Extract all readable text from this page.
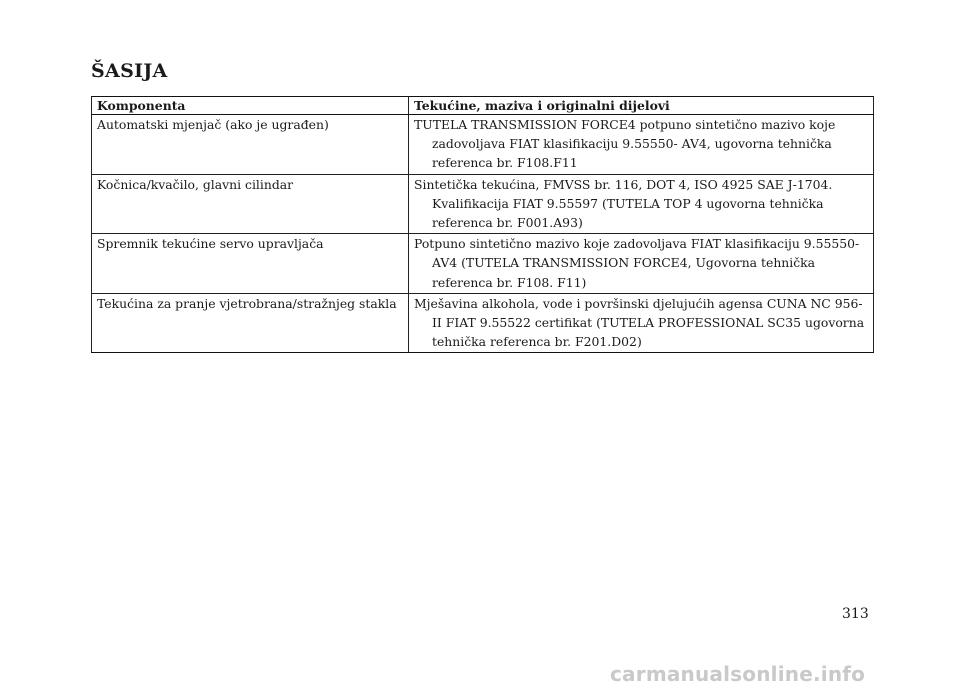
ŠASIJA
Komponenta	Tekućine, maziva i originalni dijelovi
Automatski mjenjač (ako je ugrađen)	TUTELA TRANSMISSION FORCE4 potpuno sintetično mazivo koje zadovoljava FIAT klasifikaciju 9.55550- AV4, ugovorna tehnička referenca br. F108.F11

Kočnica/kvačilo, glavni cilindar	Sintetička tekućina, FMVSS br. 116, DOT 4, ISO 4925 SAE J-1704. Kvalifikacija FIAT 9.55597 (TUTELA TOP 4 ugovorna tehnička referenca br. F001.A93)

Spremnik tekućine servo upravljača	Potpuno sintetično mazivo koje zadovoljava FIAT klasifikaciju 9.55550-AV4 (TUTELA TRANSMISSION FORCE4, Ugovorna tehnička referenca br. F108. F11)

Tekućina za pranje vjetrobrana/stražnjeg stakla	Mješavina alkohola, vode i površinski djelujućih agensa CUNA NC 956-II FIAT 9.55522 certifikat (TUTELA PROFESSIONAL SC35 ugovorna tehnička referenca br. F201.D02)
313
carmanualsonline.info
